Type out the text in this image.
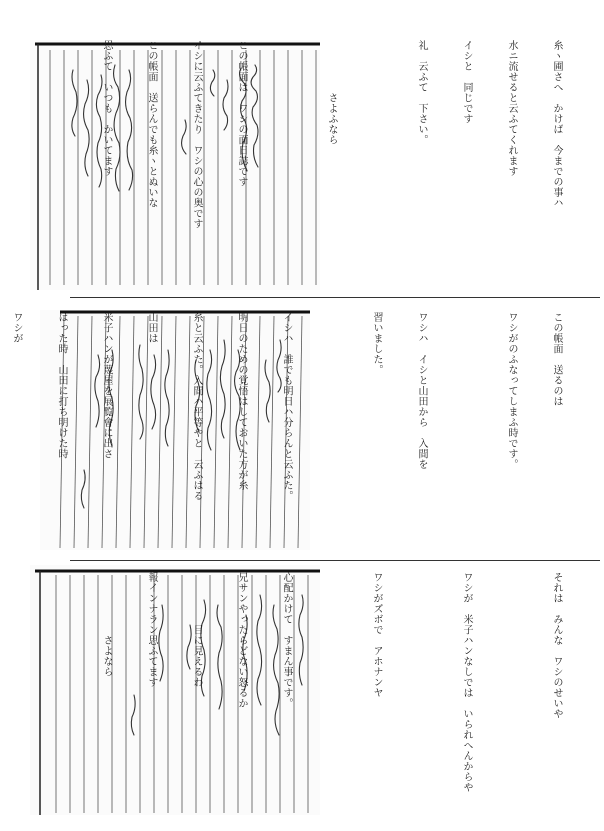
糸ヽ圃さへ　かけば　今までの事ハ

水ニ流せると云ふてくれます

イシと　同じです

礼　云ふて　下さい。

　　　　　さよふなら

この帳面は　ワシの面日誌です

イシに云ふてきたり　ワシの心の奥です

この帳面　送らんでも糸ヽとぬいな

思ふて　いつも　かいてます

この帳面　送るのは

ワシがのふなってしまふ時です。

ワシハ　イシと山田から　入間を

習いました。

イシハ　誰でも明日ハ分らんと云ふた。

明日のための覚悟はしておいた方が糸

糸と云ふた。入間ハ平等やと　云ふはる

山田は

米子ハンが蔑屋を展覧會に出さ

はった時　山田に打ち明けた時

ワシが

それは　みんな　ワシのせいや

ワシが　米子ハンなしでは　いられへんからや

ワシがズボで　アホナンヤ

心配かけて　すまん事です。

兄サンやったらどない怒るか

　　　　　目に見えるわ

報インナラン思ふてます

　　　　　　さよなら
